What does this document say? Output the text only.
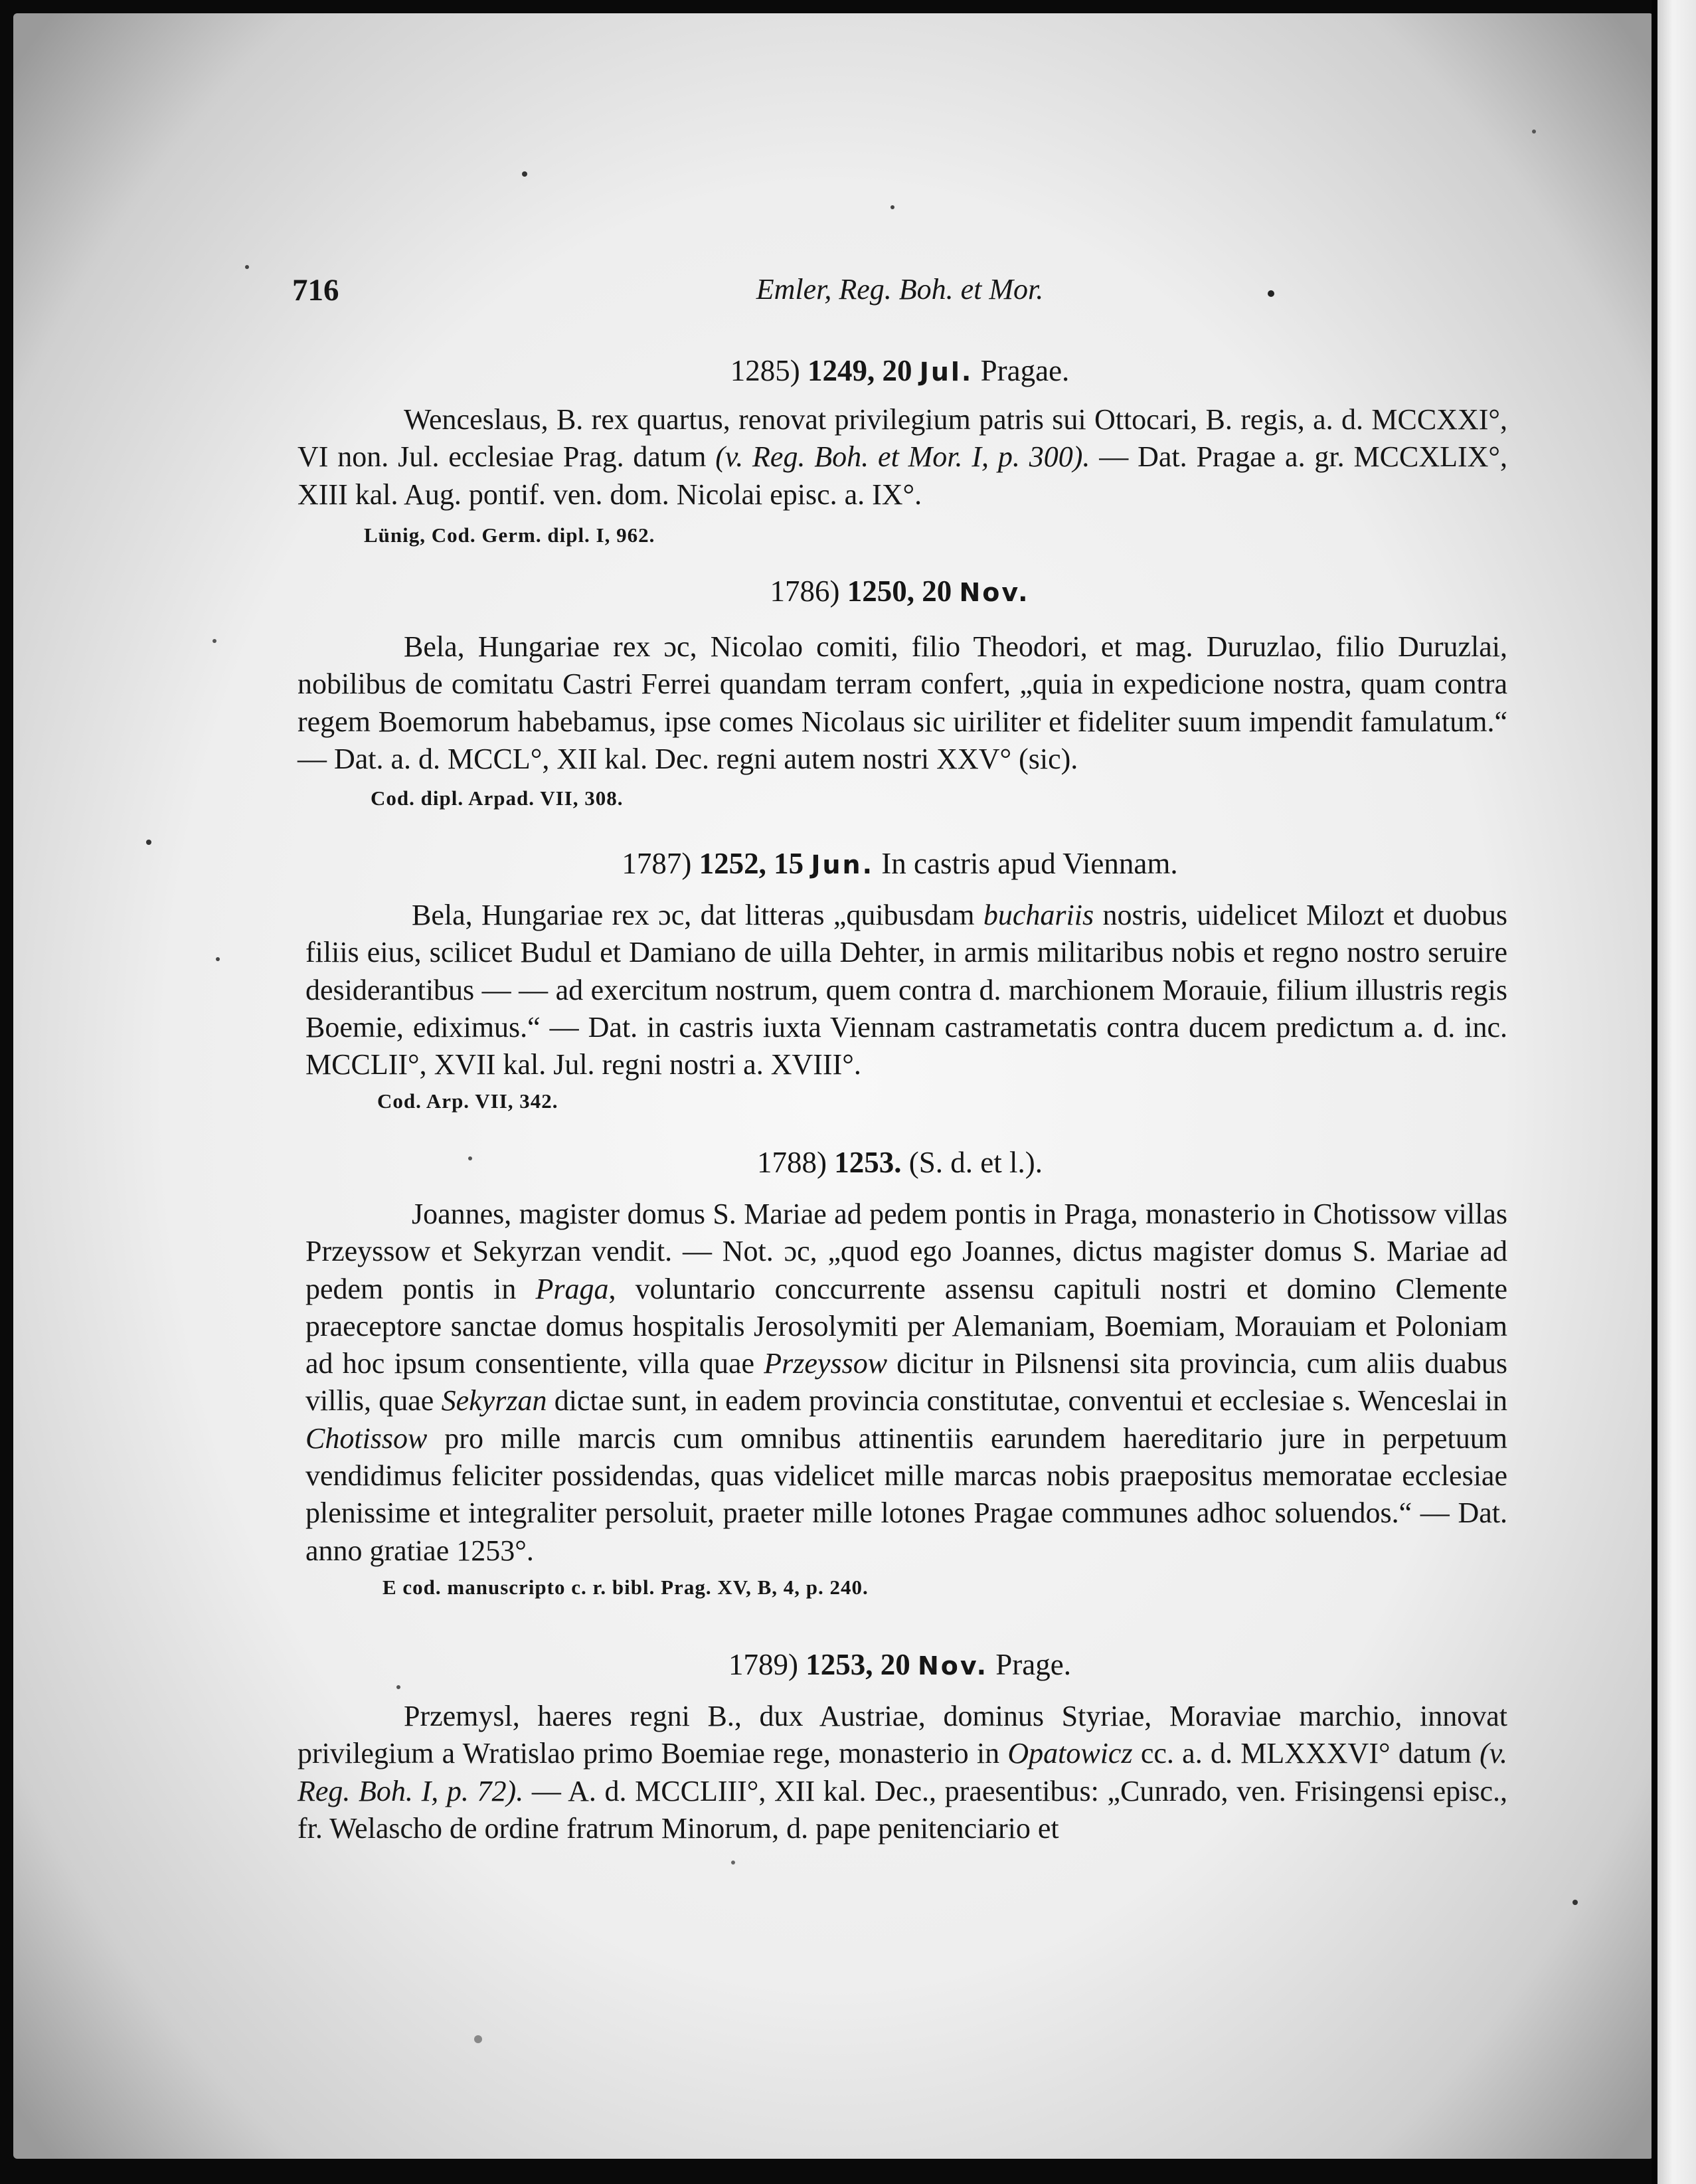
716	Emler, Reg. Boh. et Mor.
1285) 1249, 20 Jul. Pragae.
Wenceslaus, B. rex quartus, renovat privilegium patris sui Ottocari, B. regis, a. d. MCCXXI°, VI non. Jul. ecclesiae Prag. datum (v. Reg. Boh. et Mor. I, p. 300). — Dat. Pragae a. gr. MCCXLIX°, XIII kal. Aug. pontif. ven. dom. Nicolai episc. a. IX°.
Lünig, Cod. Germ. dipl. I, 962.
1786) 1250, 20 Nov.
Bela, Hungariae rex ɔc, Nicolao comiti, filio Theodori, et mag. Duruzlao, filio Duruzlai, nobilibus de comitatu Castri Ferrei quandam terram confert, „quia in expedicione nostra, quam contra regem Boemorum habebamus, ipse comes Nicolaus sic uiriliter et fideliter suum impendit famulatum.“ — Dat. a. d. MCCL°, XII kal. Dec. regni autem nostri XXV° (sic).
Cod. dipl. Arpad. VII, 308.
1787) 1252, 15 Jun. In castris apud Viennam.
Bela, Hungariae rex ɔc, dat litteras „quibusdam buchariis nostris, uidelicet Milozt et duobus filiis eius, scilicet Budul et Damiano de uilla Dehter, in armis militaribus nobis et regno nostro seruire desiderantibus — — ad exercitum nostrum, quem contra d. marchionem Morauie, filium illustris regis Boemie, ediximus.“ — Dat. in castris iuxta Viennam castrametatis contra ducem predictum a. d. inc. MCCLII°, XVII kal. Jul. regni nostri a. XVIII°.
Cod. Arp. VII, 342.
1788) 1253. (S. d. et l.).
Joannes, magister domus S. Mariae ad pedem pontis in Praga, monasterio in Chotissow villas Przeyssow et Sekyrzan vendit. — Not. ɔc, „quod ego Joannes, dictus magister domus S. Mariae ad pedem pontis in Praga, voluntario conccurrente assensu capituli nostri et domino Clemente praeceptore sanctae domus hospitalis Jerosolymiti per Alemaniam, Boemiam, Morauiam et Poloniam ad hoc ipsum consentiente, villa quae Przeyssow dicitur in Pilsnensi sita provincia, cum aliis duabus villis, quae Sekyrzan dictae sunt, in eadem provincia constitutae, conventui et ecclesiae s. Wenceslai in Chotissow pro mille marcis cum omnibus attinentiis earundem haereditario jure in perpetuum vendidimus feliciter possidendas, quas videlicet mille marcas nobis praepositus memoratae ecclesiae plenissime et integraliter persoluit, praeter mille lotones Pragae communes adhoc soluendos.“ — Dat. anno gratiae 1253°.
E cod. manuscripto c. r. bibl. Prag. XV, B, 4, p. 240.
1789) 1253, 20 Nov. Prage.
Przemysl, haeres regni B., dux Austriae, dominus Styriae, Moraviae marchio, innovat privilegium a Wratislao primo Boemiae rege, monasterio in Opatowicz cc. a. d. MLXXXVI° datum (v. Reg. Boh. I, p. 72). — A. d. MCCLIII°, XII kal. Dec., praesentibus: „Cunrado, ven. Frisingensi episc., fr. Welascho de ordine fratrum Minorum, d. pape penitenciario et
